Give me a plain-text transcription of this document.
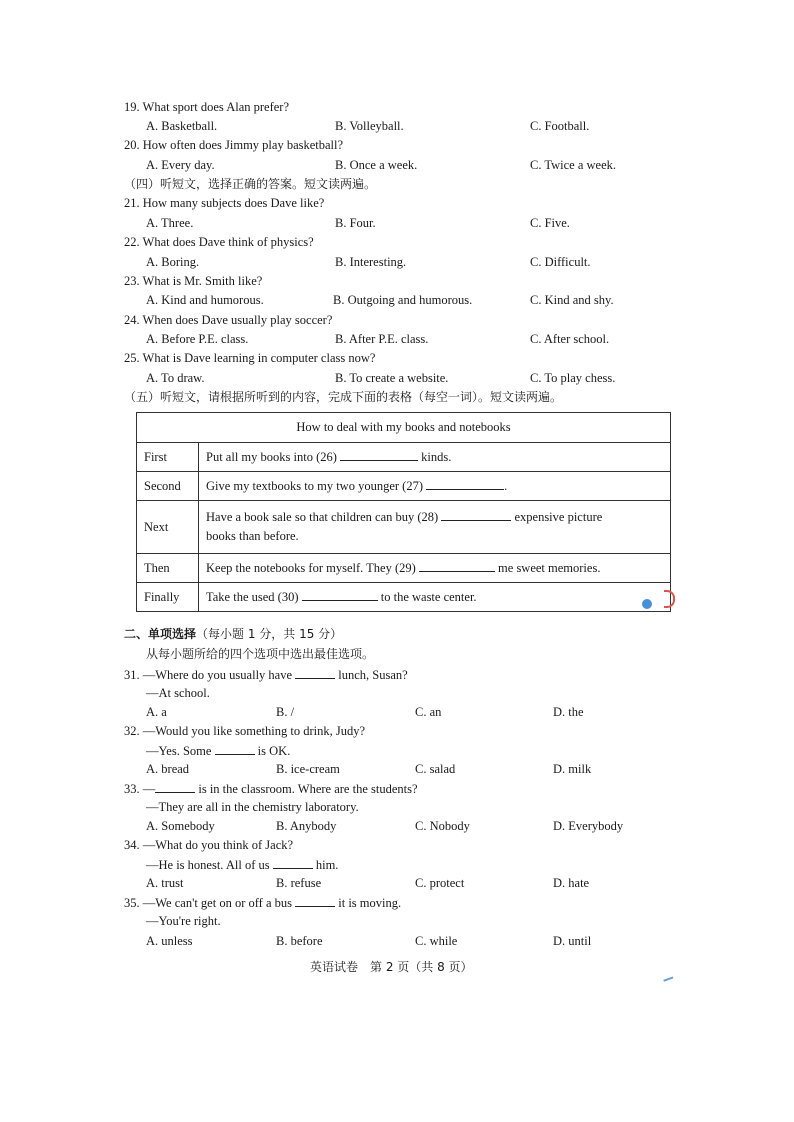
19. What sport does Alan prefer?
A. Basketball.	B. Volleyball.	C. Football.
20. How often does Jimmy play basketball?
A. Every day.	B. Once a week.	C. Twice a week.
（四）听短文，选择正确的答案。短文读两遍。
21. How many subjects does Dave like?
A. Three.	B. Four.	C. Five.
22. What does Dave think of physics?
A. Boring.	B. Interesting.	C. Difficult.
23. What is Mr. Smith like?
A. Kind and humorous.	B. Outgoing and humorous.	C. Kind and shy.
24. When does Dave usually play soccer?
A. Before P.E. class.	B. After P.E. class.	C. After school.
25. What is Dave learning in computer class now?
A. To draw.	B. To create a website.	C. To play chess.
（五）听短文，请根据所听到的内容，完成下面的表格（每空一词）。短文读两遍。
How to deal with my books and notebooks	
First	Put all my books into (26) kinds.
Second	Give my textbooks to my two younger (27) .
Next	Have a book sale so that children can buy (28) expensive picture
books than before.
Then	Keep the notebooks for myself. They (29) me sweet memories.
Finally	Take the used (30) to the waste center.
二、单项选择（每小题 1 分，共 15 分）
从每小题所给的四个选项中选出最佳选项。
31. —Where do you usually have	lunch, Susan?
—At school.
A. a	B. /	C. an	D. the
32. —Would you like something to drink, Judy?
—Yes. Some	is OK.
A. bread	B. ice-cream	C. salad	D. milk
33. —	is in the classroom. Where are the students?
—They are all in the chemistry laboratory.
A. Somebody	B. Anybody	C. Nobody	D. Everybody
34. —What do you think of Jack?
—He is honest. All of us	him.
A. trust	B. refuse	C. protect	D. hate
35. —We can't get on or off a bus	it is moving.
—You're right.
A. unless	B. before	C. while	D. until
英语试卷　第 2 页（共 8 页）
